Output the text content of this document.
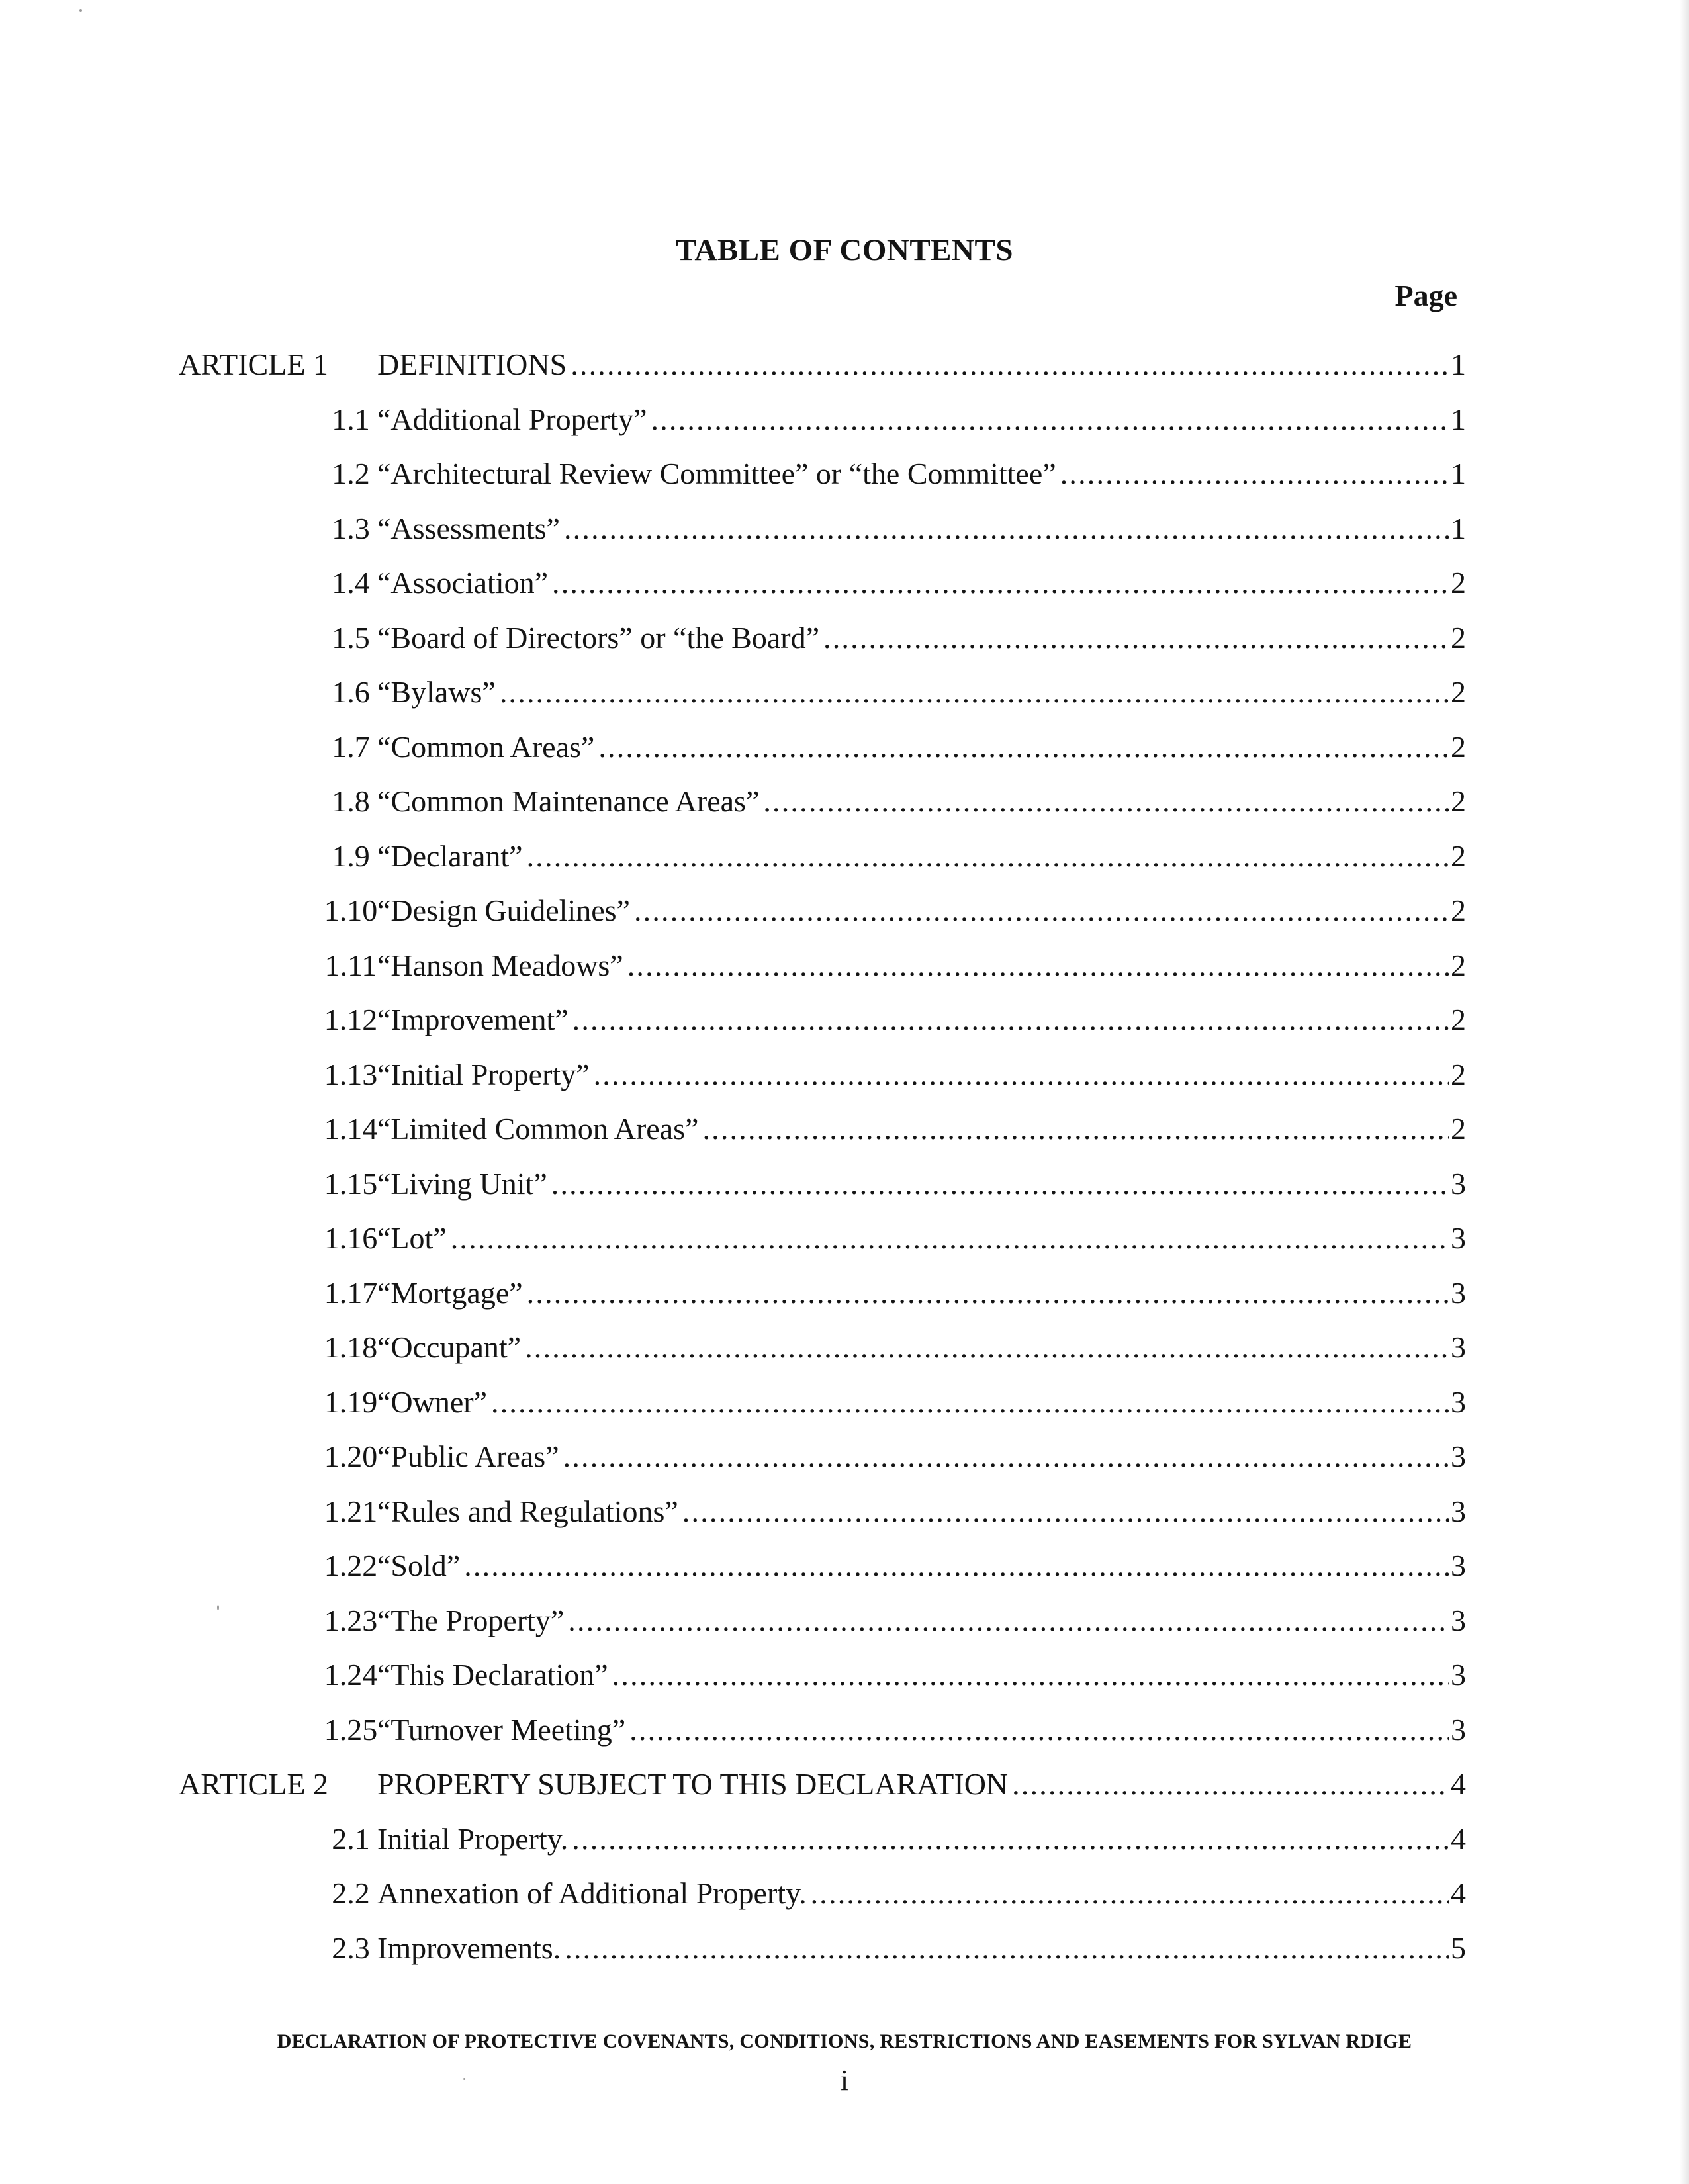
TABLE OF CONTENTS
Page
ARTICLE 1 DEFINITIONS .....	1
1.1 “Additional Property” .....	1
1.2 “Architectural Review Committee” or “the Committee” .....	1
1.3 “Assessments” .....	1
1.4 “Association” .....	2
1.5 “Board of Directors” or “the Board” .....	2
1.6 “Bylaws” .....	2
1.7 “Common Areas” .....	2
1.8 “Common Maintenance Areas” .....	2
1.9 “Declarant” .....	2
1.10 “Design Guidelines” .....	2
1.11 “Hanson Meadows” .....	2
1.12 “Improvement” .....	2
1.13 “Initial Property” .....	2
1.14 “Limited Common Areas” .....	2
1.15 “Living Unit” .....	3
1.16 “Lot” .....	3
1.17 “Mortgage” .....	3
1.18 “Occupant” .....	3
1.19 “Owner” .....	3
1.20 “Public Areas” .....	3
1.21 “Rules and Regulations” .....	3
1.22 “Sold” .....	3
1.23 “The Property” .....	3
1.24 “This Declaration” .....	3
1.25 “Turnover Meeting” .....	3
ARTICLE 2 PROPERTY SUBJECT TO THIS DECLARATION .....	4
2.1 Initial Property. .....	4
2.2 Annexation of Additional Property. .....	4
2.3 Improvements. .....	5
DECLARATION OF PROTECTIVE COVENANTS, CONDITIONS, RESTRICTIONS AND EASEMENTS FOR SYLVAN RDIGE
i
